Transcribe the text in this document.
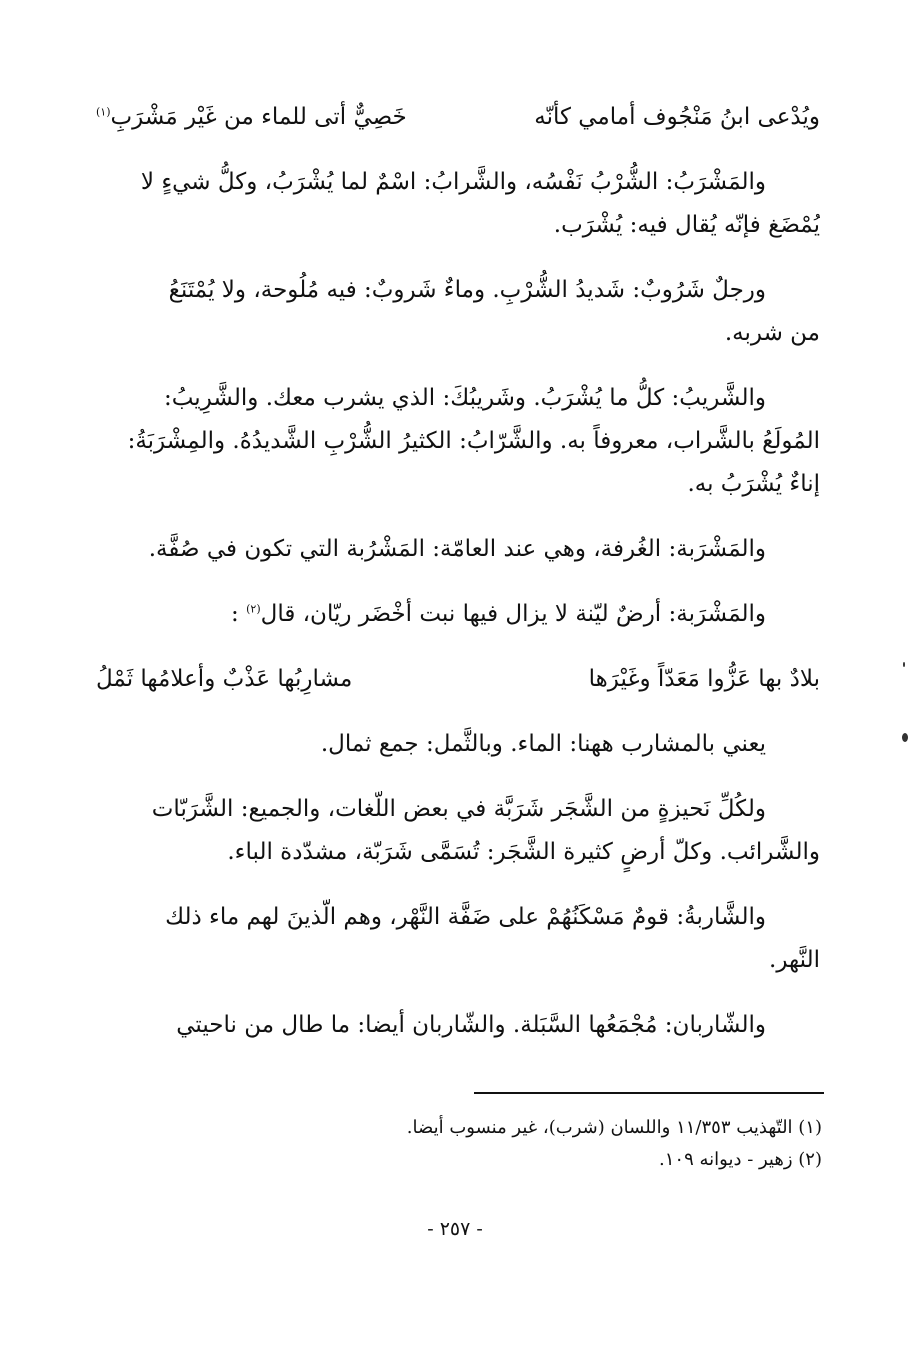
ويُدْعى ابنُ مَنْجُوف أمامي كأنّه
خَصِيٌّ أتى للماء من غَيْر مَشْرَبِ$^{(١)}$
والمَشْرَبُ: الشُّرْبُ نَفْسُه، والشَّرابُ: اسْمٌ لما يُشْرَبُ، وكلُّ شيءٍ لا
يُمْضَغ فإنّه يُقال فيه: يُشْرَب.
ورجلٌ شَرُوبٌ: شَديدُ الشُّرْبِ. وماءٌ شَروبٌ: فيه مُلُوحة، ولا يُمْتَنَعُ
من شربه.
والشَّريبُ: كلُّ ما يُشْرَبُ. وشَريبُكَ: الذي يشرب معك. والشَّرِيبُ:
المُولَعُ بالشَّراب، معروفاً به. والشَّرّابُ: الكثيرُ الشُّرْبِ الشَّديدُهُ. والمِشْرَبَةُ:
إناءٌ يُشْرَبُ به.
والمَشْرَبة: الغُرفة، وهي عند العامّة: المَشْرُبة التي تكون في صُفَّة.
والمَشْرَبة: أرضٌ ليّنة لا يزال فيها نبت أخْضَر ريّان، قال$^{(٢)}$ :
بلادٌ بها عَزُّوا مَعَدّاً وغَيْرَها
مشارِبُها عَذْبٌ وأعلامُها ثَمْلُ
يعني بالمشارب ههنا: الماء. وبالثَّمل: جمع ثمال.
ولكُلِّ نَحيزةٍ من الشَّجَر شَرَبَّة في بعض اللّغات، والجميع: الشَّرَبّات
والشَّرائب. وكلّ أرضٍ كثيرة الشَّجَر: تُسَمَّى شَرَبّة، مشدّدة الباء.
والشَّاربةُ: قومٌ مَسْكَنُهُمْ على ضَفَّة النَّهْر، وهم الّذينَ لهم ماء ذلك
النَّهر.
والشّاربان: مُجْمَعُها السَّبَلة. والشّاربان أيضا: ما طال من ناحيتي
(١) التّهذيب ١١/٣٥٣ واللسان (شرب)، غير منسوب أيضا.
(٢) زهير - ديوانه ١٠٩.
- ٢٥٧ -
